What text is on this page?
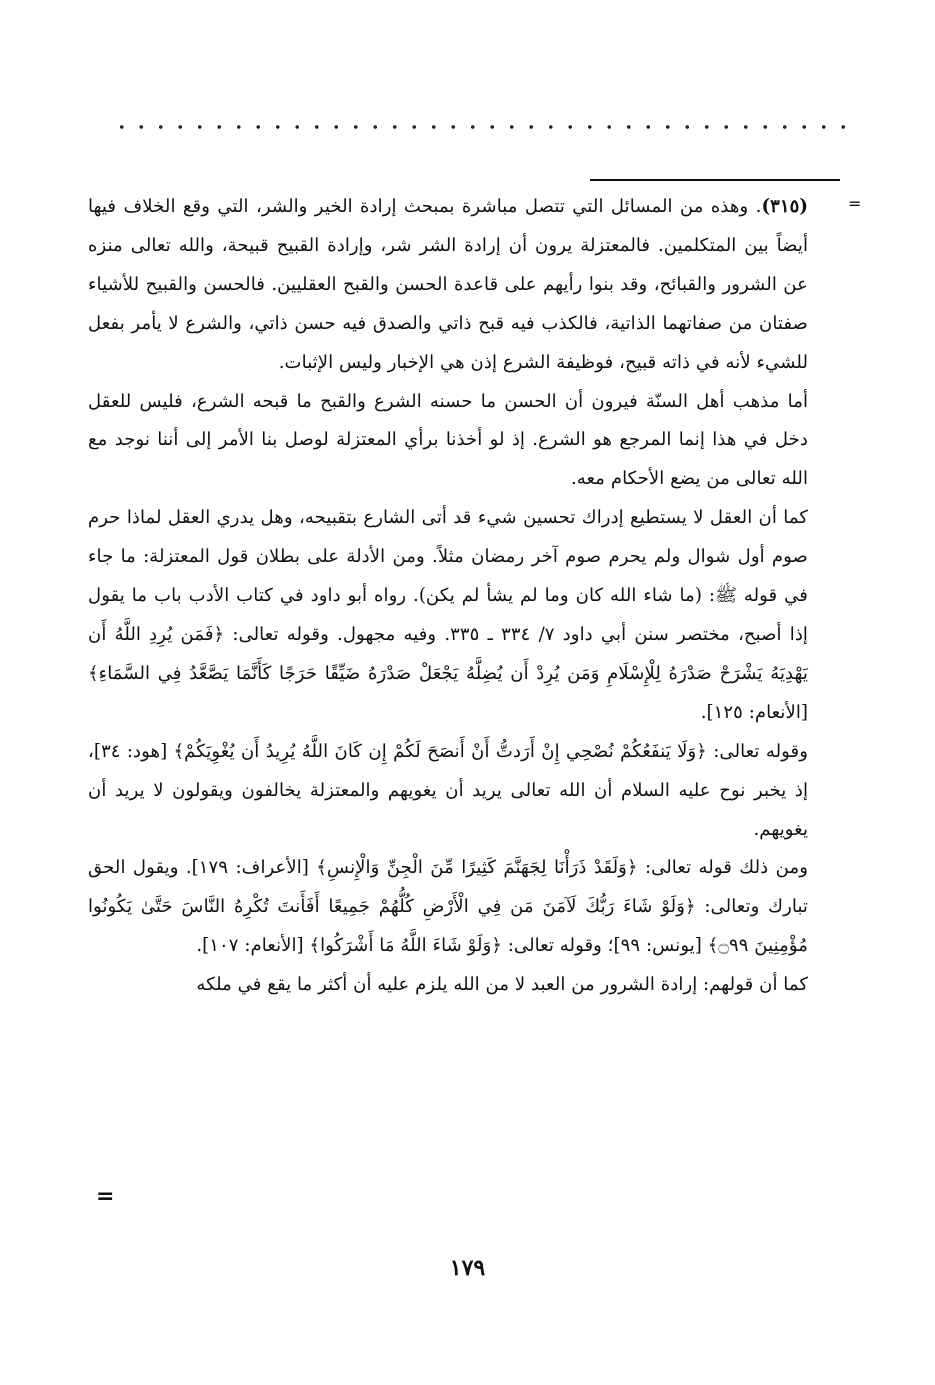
=

(٣١٥). وهذه من المسائل التي تتصل مباشرة بمبحث إرادة الخير والشر، التي وقع الخلاف فيها أيضاً بين المتكلمين. فالمعتزلة يرون أن إرادة الشر شر، وإرادة القبيح قبيحة، والله تعالى منزه عن الشرور والقبائح، وقد بنوا رأيهم على قاعدة الحسن والقبح العقليين. فالحسن والقبيح للأشياء صفتان من صفاتهما الذاتية، فالكذب فيه قبح ذاتي والصدق فيه حسن ذاتي، والشرع لا يأمر بفعل للشيء لأنه في ذاته قبيح، فوظيفة الشرع إذن هي الإخبار وليس الإثبات.

أما مذهب أهل السنّة فيرون أن الحسن ما حسنه الشرع والقبح ما قبحه الشرع، فليس للعقل دخل في هذا إنما المرجع هو الشرع. إذ لو أخذنا برأي المعتزلة لوصل بنا الأمر إلى أننا نوجد مع الله تعالى من يضع الأحكام معه.

كما أن العقل لا يستطيع إدراك تحسين شيء قد أتى الشارع بتقبيحه، وهل يدري العقل لماذا حرم صوم أول شوال ولم يحرم صوم آخر رمضان مثلاً. ومن الأدلة على بطلان قول المعتزلة: ما جاء في قوله ﷺ: (ما شاء الله كان وما لم يشأ لم يكن). رواه أبو داود في كتاب الأدب باب ما يقول إذا أصبح، مختصر سنن أبي داود ٧/ ٣٣٤ ـ ٣٣٥. وفيه مجهول. وقوله تعالى: ﴿فَمَن يُرِدِ اللَّهُ أَن يَهْدِيَهُ يَشْرَحْ صَدْرَهُ لِلْإِسْلَامِ وَمَن يُرِدْ أَن يُضِلَّهُ يَجْعَلْ صَدْرَهُ ضَيِّقًا حَرَجًا كَأَنَّمَا يَصَّعَّدُ فِي السَّمَاءِ﴾ [الأنعام: ١٢٥].

وقوله تعالى: ﴿وَلَا يَنفَعُكُمْ نُصْحِي إِنْ أَرَدتُّ أَنْ أَنصَحَ لَكُمْ إِن كَانَ اللَّهُ يُرِيدُ أَن يُغْوِيَكُمْ﴾ [هود: ٣٤]، إذ يخبر نوح عليه السلام أن الله تعالى يريد أن يغويهم والمعتزلة يخالفون ويقولون لا يريد أن يغويهم.

ومن ذلك قوله تعالى: ﴿وَلَقَدْ ذَرَأْنَا لِجَهَنَّمَ كَثِيرًا مِّنَ الْجِنِّ وَالْإِنسِ﴾ [الأعراف: ١٧٩]. ويقول الحق تبارك وتعالى: ﴿وَلَوْ شَاءَ رَبُّكَ لَآمَنَ مَن فِي الْأَرْضِ كُلُّهُمْ جَمِيعًا أَفَأَنتَ تُكْرِهُ النَّاسَ حَتَّىٰ يَكُونُوا مُؤْمِنِينَ ۝٩٩﴾ [يونس: ٩٩]؛ وقوله تعالى: ﴿وَلَوْ شَاءَ اللَّهُ مَا أَشْرَكُوا﴾ [الأنعام: ١٠٧].

كما أن قولهم: إرادة الشرور من العبد لا من الله يلزم عليه أن أكثر ما يقع في ملكه

=
١٧٩
